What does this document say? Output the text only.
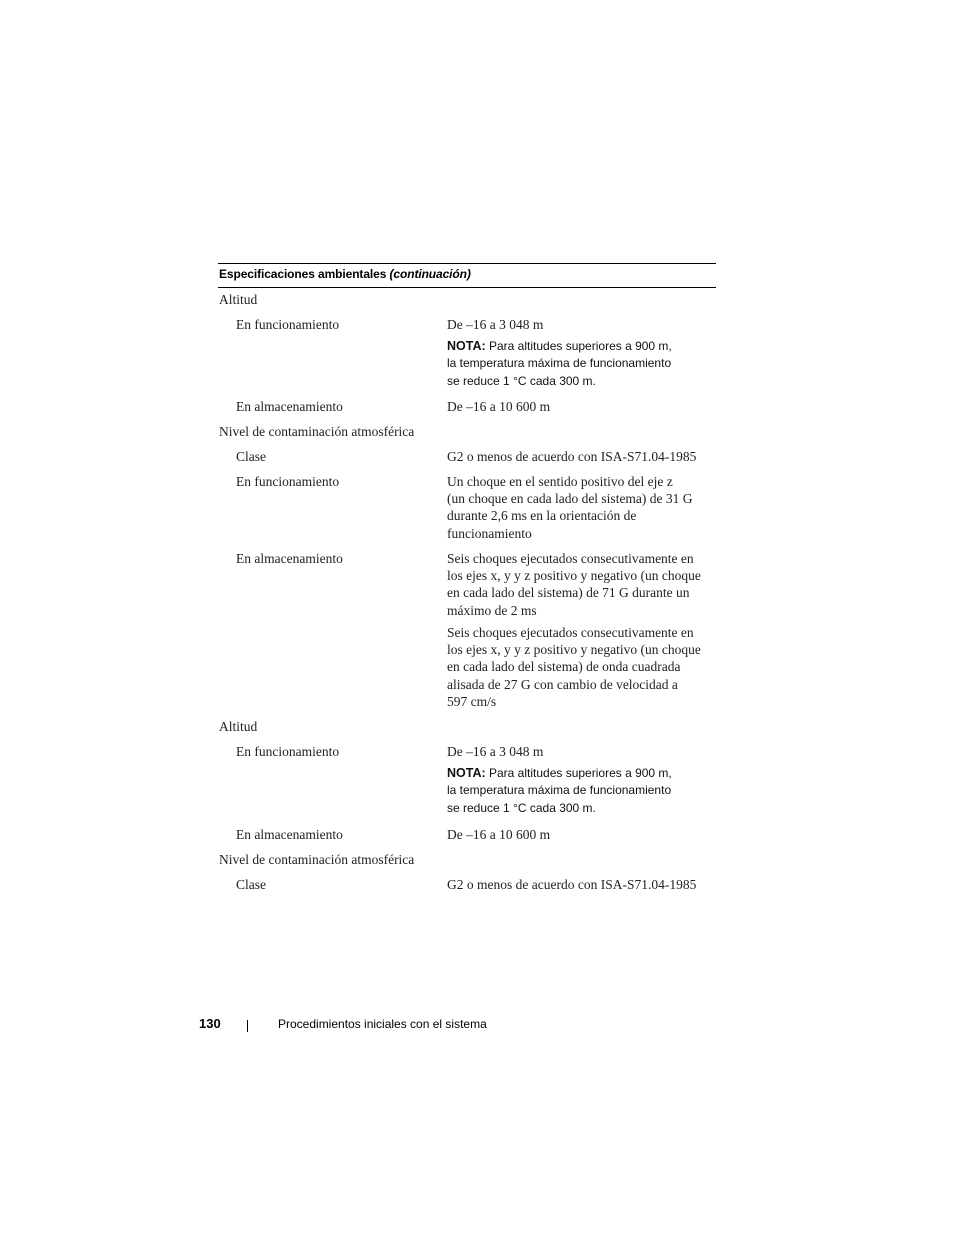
Especificaciones ambientales (continuación)
Altitud
En funcionamiento	De –16 a 3 048 m
NOTA: Para altitudes superiores a 900 m,
la temperatura máxima de funcionamiento
se reduce 1 °C cada 300 m.
En almacenamiento	De –16 a 10 600 m
Nivel de contaminación atmosférica
Clase	G2 o menos de acuerdo con ISA-S71.04-1985
En funcionamiento	Un choque en el sentido positivo del eje z
(un choque en cada lado del sistema) de 31 G
durante 2,6 ms en la orientación de
funcionamiento
En almacenamiento	Seis choques ejecutados consecutivamente en
los ejes x, y y z positivo y negativo (un choque
en cada lado del sistema) de 71 G durante un
máximo de 2 ms
Seis choques ejecutados consecutivamente en
los ejes x, y y z positivo y negativo (un choque
en cada lado del sistema) de onda cuadrada
alisada de 27 G con cambio de velocidad a
597 cm/s
Altitud
En funcionamiento	De –16 a 3 048 m
NOTA: Para altitudes superiores a 900 m,
la temperatura máxima de funcionamiento
se reduce 1 °C cada 300 m.
En almacenamiento	De –16 a 10 600 m
Nivel de contaminación atmosférica
Clase	G2 o menos de acuerdo con ISA-S71.04-1985
130	Procedimientos iniciales con el sistema
